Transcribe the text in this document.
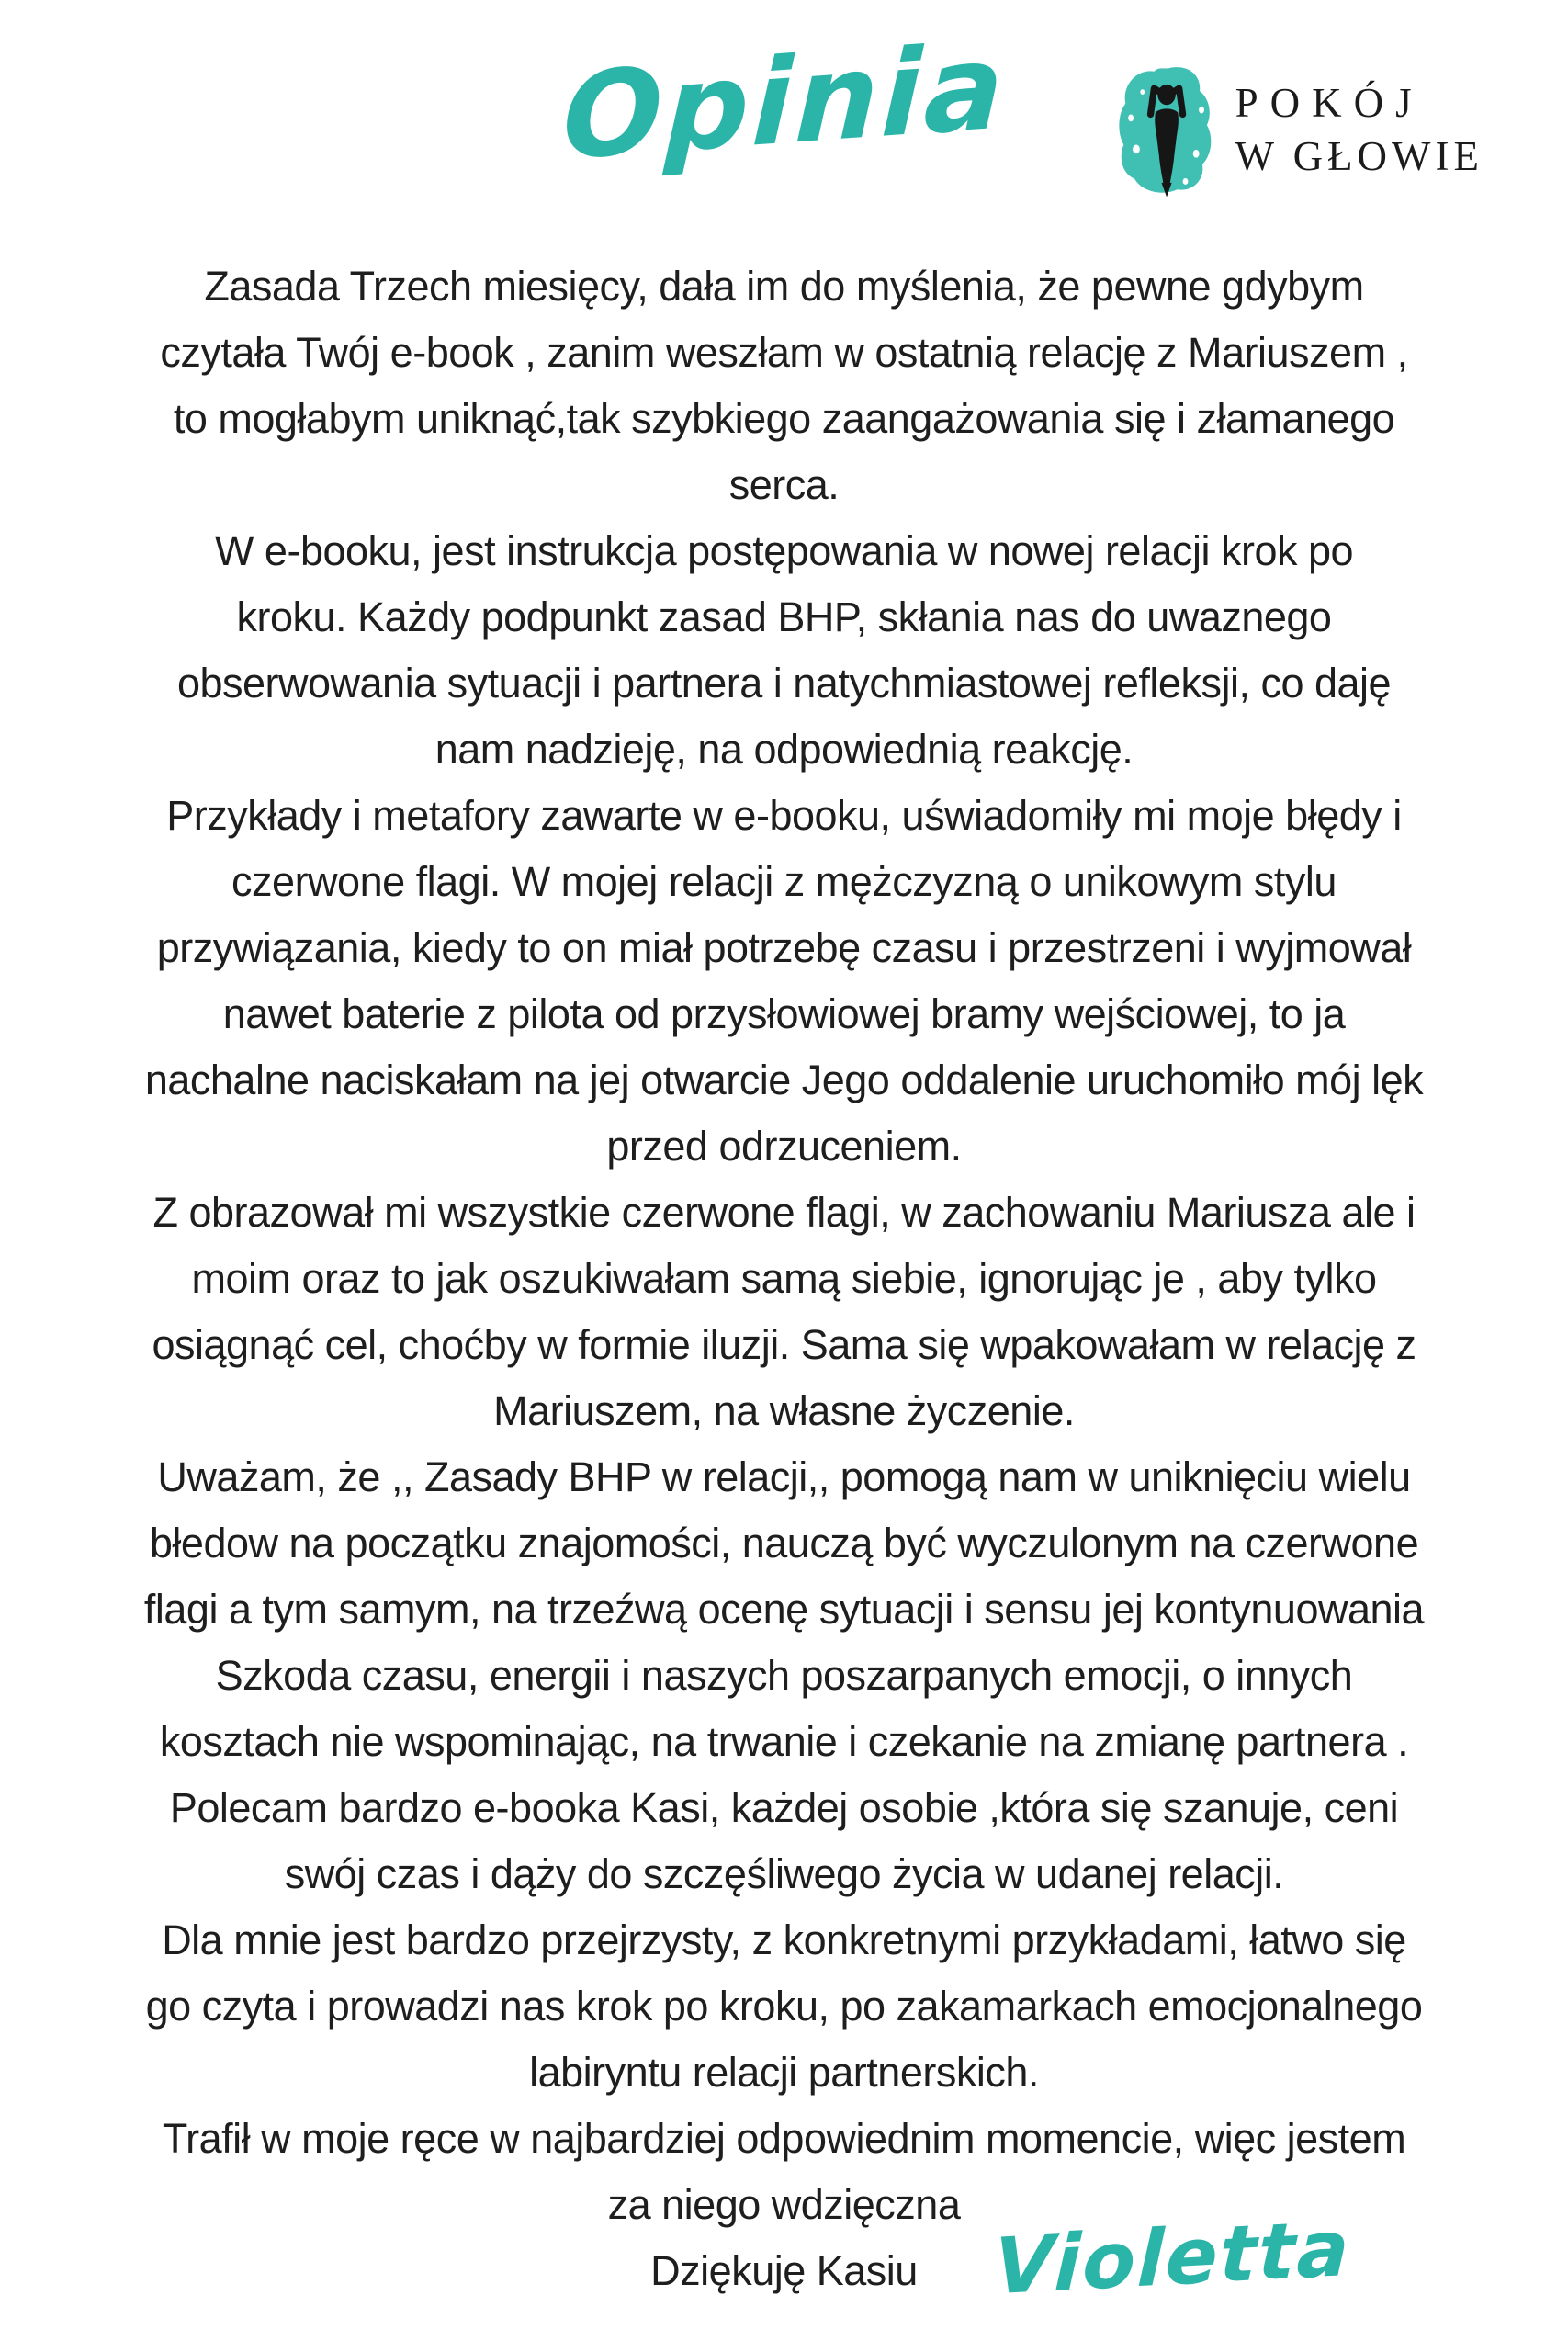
Opinia	POKÓJ
W GŁOWIE
Zasada Trzech miesięcy, dała im do myślenia, że pewne gdybym
czytała Twój e-book , zanim weszłam w ostatnią relację z Mariuszem ,
to mogłabym uniknąć,tak szybkiego zaangażowania się i złamanego
serca.
W e-booku, jest instrukcja postępowania w nowej relacji krok po
kroku. Każdy podpunkt zasad BHP, skłania nas do uwaznego
obserwowania sytuacji i partnera i natychmiastowej refleksji, co daję
nam nadzieję, na odpowiednią reakcję.
Przykłady i metafory zawarte w e-booku, uświadomiły mi moje błędy i
czerwone flagi. W mojej relacji z mężczyzną o unikowym stylu
przywiązania, kiedy to on miał potrzebę czasu i przestrzeni i wyjmował
nawet baterie z pilota od przysłowiowej bramy wejściowej, to ja
nachalne naciskałam na jej otwarcie Jego oddalenie uruchomiło mój lęk
przed odrzuceniem.
Z obrazował mi wszystkie czerwone flagi, w zachowaniu Mariusza ale i
moim oraz to jak oszukiwałam samą siebie, ignorując je , aby tylko
osiągnąć cel, choćby w formie iluzji. Sama się wpakowałam w relację z
Mariuszem, na własne życzenie.
Uważam, że ,, Zasady BHP w relacji,, pomogą nam w uniknięciu wielu
błedow na początku znajomości, nauczą być wyczulonym na czerwone
flagi a tym samym, na trzeźwą ocenę sytuacji i sensu jej kontynuowania
Szkoda czasu, energii i naszych poszarpanych emocji, o innych
kosztach nie wspominając, na trwanie i czekanie na zmianę partnera .
Polecam bardzo e-booka Kasi, każdej osobie ,która się szanuje, ceni
swój czas i dąży do szczęśliwego życia w udanej relacji.
Dla mnie jest bardzo przejrzysty, z konkretnymi przykładami, łatwo się
go czyta i prowadzi nas krok po kroku, po zakamarkach emocjonalnego
labiryntu relacji partnerskich.
Trafił w moje ręce w najbardziej odpowiednim momencie, więc jestem
za niego wdzięczna
Dziękuję Kasiu Violetta
